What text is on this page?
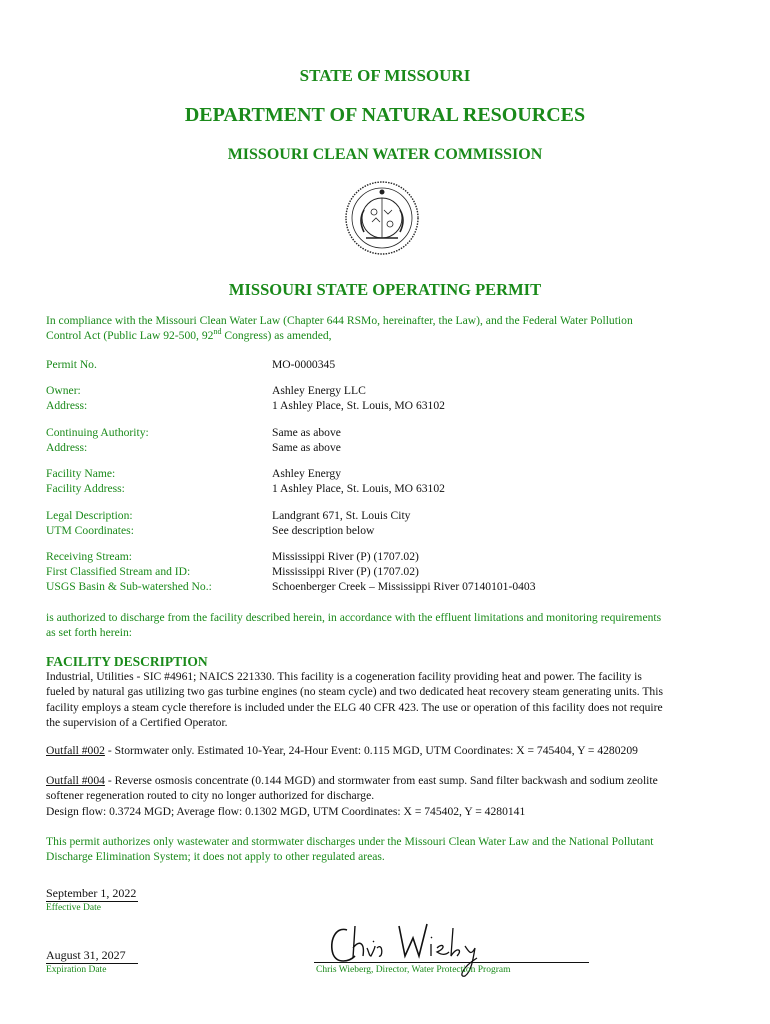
STATE OF MISSOURI
DEPARTMENT OF NATURAL RESOURCES
MISSOURI CLEAN WATER COMMISSION
MISSOURI STATE OPERATING PERMIT
In compliance with the Missouri Clean Water Law (Chapter 644 RSMo, hereinafter, the Law), and the Federal Water Pollution
Control Act (Public Law 92-500, 92nd Congress) as amended,
Permit No.	MO-0000345
Owner:	Ashley Energy LLC
Address:	1 Ashley Place, St. Louis, MO 63102
Continuing Authority:	Same as above
Address:	Same as above
Facility Name:	Ashley Energy
Facility Address:	1 Ashley Place, St. Louis, MO 63102
Legal Description:	Landgrant 671, St. Louis City
UTM Coordinates:	See description below
Receiving Stream:	Mississippi River (P) (1707.02)
First Classified Stream and ID:	Mississippi River (P) (1707.02)
USGS Basin & Sub-watershed No.:	Schoenberger Creek – Mississippi River 07140101-0403
is authorized to discharge from the facility described herein, in accordance with the effluent limitations and monitoring requirements
as set forth herein:
FACILITY DESCRIPTION
Industrial, Utilities - SIC #4961; NAICS 221330. This facility is a cogeneration facility providing heat and power. The facility is
fueled by natural gas utilizing two gas turbine engines (no steam cycle) and two dedicated heat recovery steam generating units. This
facility employs a steam cycle therefore is included under the ELG 40 CFR 423. The use or operation of this facility does not require
the supervision of a Certified Operator.
Outfall #002 - Stormwater only. Estimated 10-Year, 24-Hour Event: 0.115 MGD, UTM Coordinates: X = 745404, Y = 4280209
Outfall #004 - Reverse osmosis concentrate (0.144 MGD) and stormwater from east sump. Sand filter backwash and sodium zeolite
softener regeneration routed to city no longer authorized for discharge.
Design flow: 0.3724 MGD; Average flow: 0.1302 MGD, UTM Coordinates: X = 745402, Y = 4280141
This permit authorizes only wastewater and stormwater discharges under the Missouri Clean Water Law and the National Pollutant
Discharge Elimination System; it does not apply to other regulated areas.
September 1, 2022
Effective Date
August 31, 2027
Expiration Date	Chris Wieberg, Director, Water Protection Program
